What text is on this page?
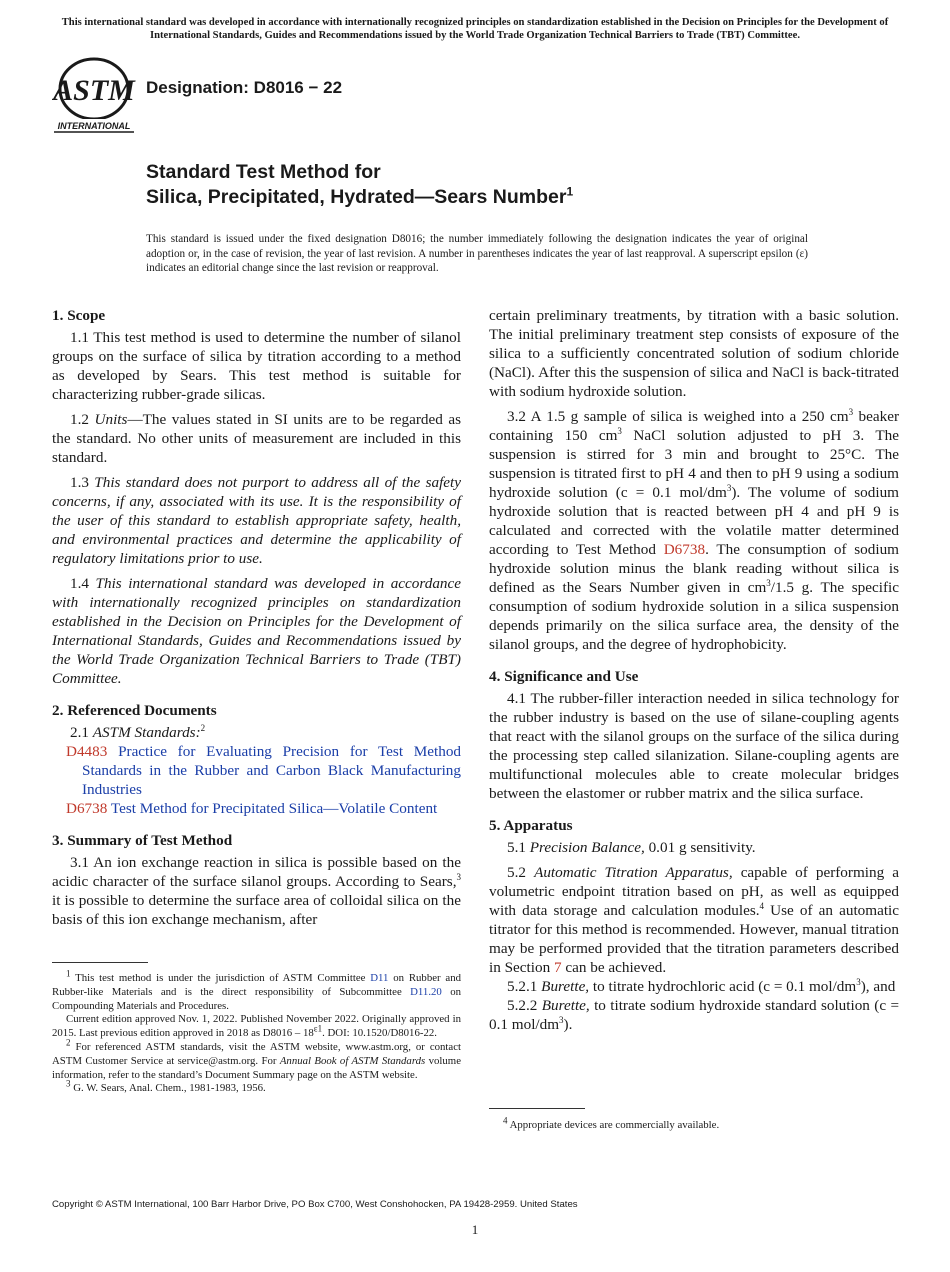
This international standard was developed in accordance with internationally recognized principles on standardization established in the Decision on Principles for the Development of International Standards, Guides and Recommendations issued by the World Trade Organization Technical Barriers to Trade (TBT) Committee.
ASTM
INTERNATIONAL
Designation: D8016 − 22
Standard Test Method for
Silica, Precipitated, Hydrated—Sears Number$^1$
This standard is issued under the fixed designation D8016; the number immediately following the designation indicates the year of original adoption or, in the case of revision, the year of last revision. A number in parentheses indicates the year of last reapproval. A superscript epsilon (ε) indicates an editorial change since the last revision or reapproval.
1. Scope

1.1 This test method is used to determine the number of silanol groups on the surface of silica by titration according to a method as developed by Sears. This test method is suitable for characterizing rubber-grade silicas.

1.2 Units—The values stated in SI units are to be regarded as the standard. No other units of measurement are included in this standard.

1.3 This standard does not purport to address all of the safety concerns, if any, associated with its use. It is the responsibility of the user of this standard to establish appropriate safety, health, and environmental practices and determine the applicability of regulatory limitations prior to use.

1.4 This international standard was developed in accordance with internationally recognized principles on standardization established in the Decision on Principles for the Development of International Standards, Guides and Recommendations issued by the World Trade Organization Technical Barriers to Trade (TBT) Committee.

2. Referenced Documents

2.1 ASTM Standards:$^2$

D4483 Practice for Evaluating Precision for Test Method Standards in the Rubber and Carbon Black Manufacturing Industries
D6738 Test Method for Precipitated Silica—Volatile Content
3. Summary of Test Method

3.1 An ion exchange reaction in silica is possible based on the acidic character of the surface silanol groups. According to Sears,$^3$ it is possible to determine the surface area of colloidal silica on the basis of this ion exchange mechanism, after

$^1$ This test method is under the jurisdiction of ASTM Committee D11 on Rubber and Rubber-like Materials and is the direct responsibility of Subcommittee D11.20 on Compounding Materials and Procedures.

Current edition approved Nov. 1, 2022. Published November 2022. Originally approved in 2015. Last previous edition approved in 2018 as $D8016 - 18^{\varepsilon 1}$. DOI: 10.1520/D8016-22.

$^2$ For referenced ASTM standards, visit the ASTM website, www.astm.org, or contact ASTM Customer Service at service@astm.org. For Annual Book of ASTM Standards volume information, refer to the standard’s Document Summary page on the ASTM website.

$^3$ G. W. Sears, Anal. Chem., 1981-1983, 1956.

certain preliminary treatments, by titration with a basic solution. The initial preliminary treatment step consists of exposure of the silica to a sufficiently concentrated solution of sodium chloride (NaCl). After this the suspension of silica and NaCl is back-titrated with sodium hydroxide solution.

3.2 A 1.5 g sample of silica is weighed into a 250 $cm^3$ beaker containing 150 $cm^3$ NaCl solution adjusted to pH 3. The suspension is stirred for 3 min and brought to 25°C. The suspension is titrated first to pH 4 and then to pH 9 using a sodium hydroxide solution (c = 0.1 mol/$dm^3$). The volume of sodium hydroxide solution that is reacted between pH 4 and pH 9 is calculated and corrected with the volatile matter determined according to Test Method D6738. The consumption of sodium hydroxide solution minus the blank reading without silica is defined as the Sears Number given in $cm^3/1.5$ g. The specific consumption of sodium hydroxide solution in a silica suspension depends primarily on the silica surface area, the density of the silanol groups, and the degree of hydrophobicity.

4. Significance and Use

4.1 The rubber-filler interaction needed in silica technology for the rubber industry is based on the use of silane-coupling agents that react with the silanol groups on the surface of the silica during the processing step called silanization. Silane-coupling agents are multifunctional molecules able to create molecular bridges between the elastomer or rubber matrix and the silica surface.

5. Apparatus

5.1 Precision Balance, 0.01 g sensitivity.

5.2 Automatic Titration Apparatus, capable of performing a volumetric endpoint titration based on pH, as well as equipped with data storage and calculation modules.$^4$ Use of an automatic titrator for this method is recommended. However, manual titration may be performed provided that the titration parameters described in Section 7 can be achieved.

5.2.1 Burette, to titrate hydrochloric acid (c = 0.1 mol/$dm^3$), and

5.2.2 Burette, to titrate sodium hydroxide standard solution (c = 0.1 mol/$dm^3$).

$^4$ Appropriate devices are commercially available.

Copyright © ASTM International, 100 Barr Harbor Drive, PO Box C700, West Conshohocken, PA 19428-2959. United States
1
